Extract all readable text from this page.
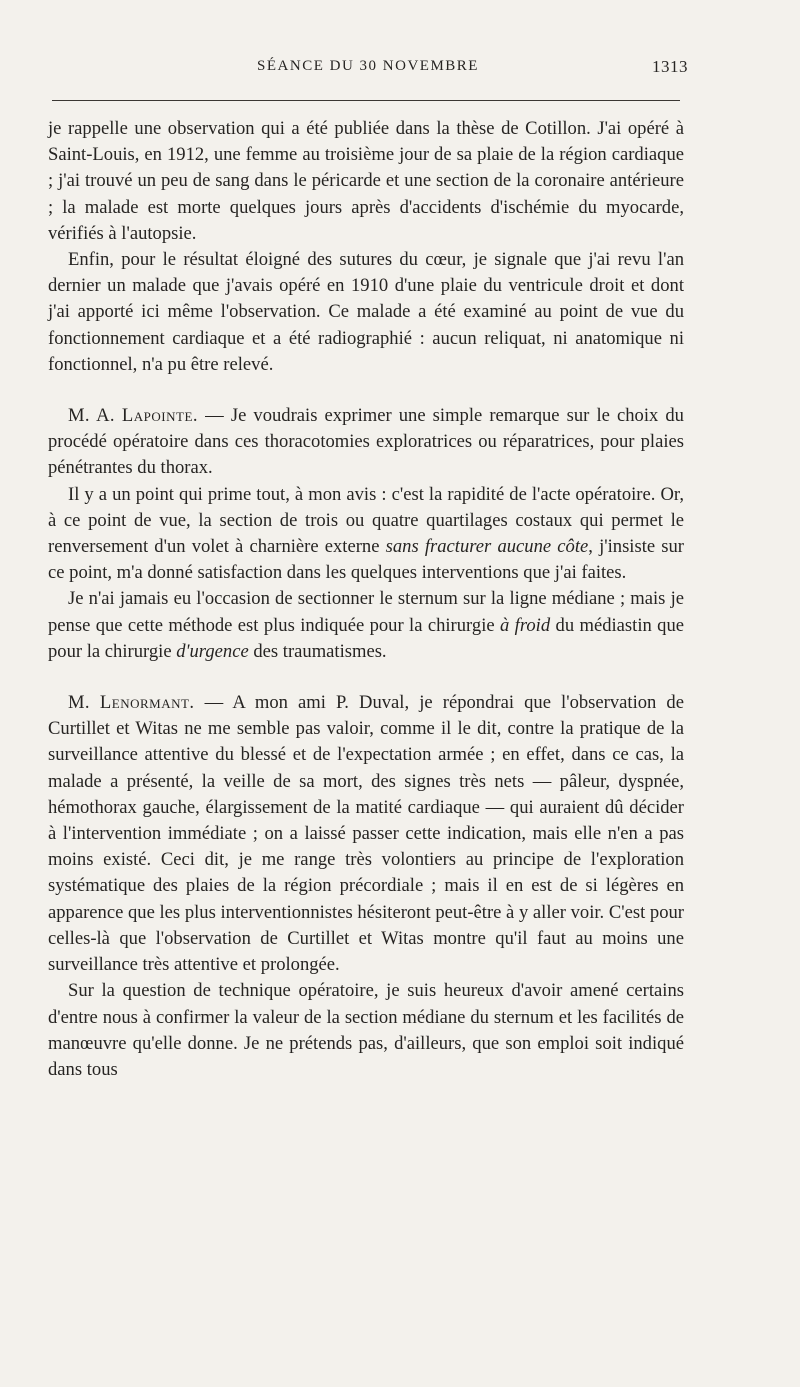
SÉANCE DU 30 NOVEMBRE	1313

je rappelle une observation qui a été publiée dans la thèse de Cotillon. J'ai opéré à Saint-Louis, en 1912, une femme au troisième jour de sa plaie de la région cardiaque ; j'ai trouvé un peu de sang dans le péricarde et une section de la coronaire antérieure ; la malade est morte quelques jours après d'accidents d'ischémie du myocarde, vérifiés à l'autopsie.

Enfin, pour le résultat éloigné des sutures du cœur, je signale que j'ai revu l'an dernier un malade que j'avais opéré en 1910 d'une plaie du ventricule droit et dont j'ai apporté ici même l'observation. Ce malade a été examiné au point de vue du fonctionnement cardiaque et a été radiographié : aucun reliquat, ni anatomique ni fonctionnel, n'a pu être relevé.

M. A. Lapointe. — Je voudrais exprimer une simple remarque sur le choix du procédé opératoire dans ces thoracotomies exploratrices ou réparatrices, pour plaies pénétrantes du thorax.

Il y a un point qui prime tout, à mon avis : c'est la rapidité de l'acte opératoire. Or, à ce point de vue, la section de trois ou quatre quartilages costaux qui permet le renversement d'un volet à charnière externe sans fracturer aucune côte, j'insiste sur ce point, m'a donné satisfaction dans les quelques interventions que j'ai faites.

Je n'ai jamais eu l'occasion de sectionner le sternum sur la ligne médiane ; mais je pense que cette méthode est plus indiquée pour la chirurgie à froid du médiastin que pour la chirurgie d'urgence des traumatismes.

M. Lenormant. — A mon ami P. Duval, je répondrai que l'observation de Curtillet et Witas ne me semble pas valoir, comme il le dit, contre la pratique de la surveillance attentive du blessé et de l'expectation armée ; en effet, dans ce cas, la malade a présenté, la veille de sa mort, des signes très nets — pâleur, dyspnée, hémothorax gauche, élargissement de la matité cardiaque — qui auraient dû décider à l'intervention immédiate ; on a laissé passer cette indication, mais elle n'en a pas moins existé. Ceci dit, je me range très volontiers au principe de l'exploration systématique des plaies de la région précordiale ; mais il en est de si légères en apparence que les plus interventionnistes hésiteront peut-être à y aller voir. C'est pour celles-là que l'observation de Curtillet et Witas montre qu'il faut au moins une surveillance très attentive et prolongée.

Sur la question de technique opératoire, je suis heureux d'avoir amené certains d'entre nous à confirmer la valeur de la section médiane du sternum et les facilités de manœuvre qu'elle donne. Je ne prétends pas, d'ailleurs, que son emploi soit indiqué dans tous
